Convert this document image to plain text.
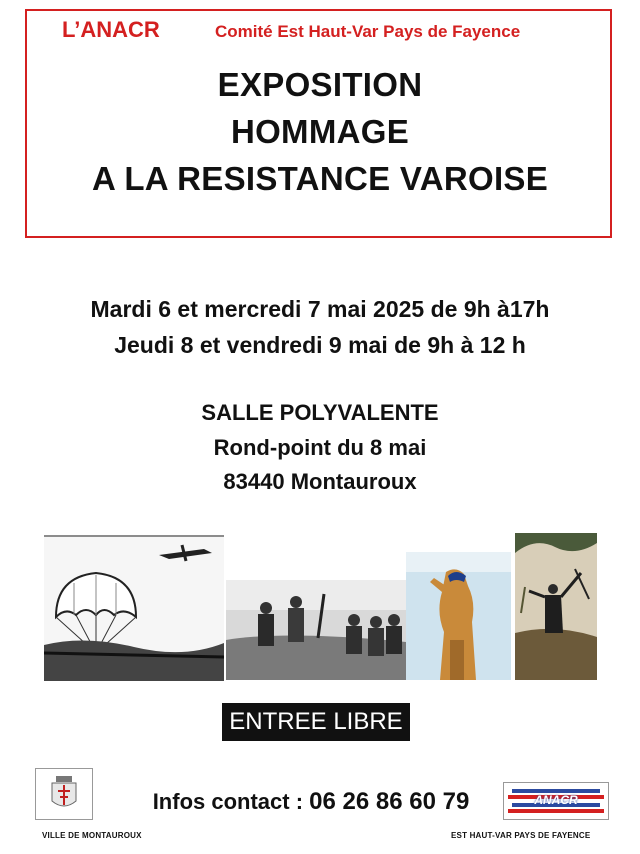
L’ANACR	Comité Est Haut-Var Pays de Fayence
EXPOSITION
HOMMAGE
A LA RESISTANCE VAROISE
Mardi 6 et mercredi 7 mai 2025 de 9h à17h
Jeudi 8 et vendredi 9 mai de 9h à 12 h
SALLE POLYVALENTE
Rond-point du 8 mai
83440 Montauroux
ENTREE LIBRE
Infos contact : 06 26 86 60 79	ANACR
VILLE DE MONTAUROUX	EST HAUT-VAR PAYS DE FAYENCE
